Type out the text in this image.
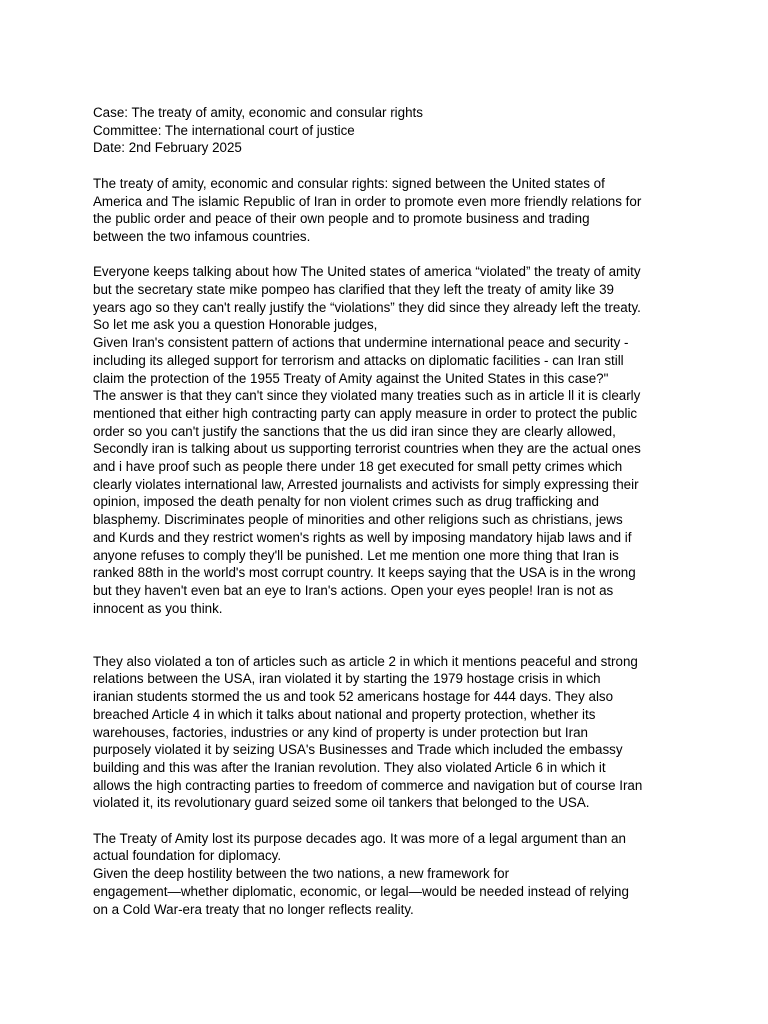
Case: The treaty of amity, economic and consular rights
Committee: The international court of justice
Date: 2nd February 2025
The treaty of amity, economic and consular rights: signed between the United states of
America and The islamic Republic of Iran in order to promote even more friendly relations for
the public order and peace of their own people and to promote business and trading
between the two infamous countries.
Everyone keeps talking about how The United states of america “violated” the treaty of amity
but the secretary state mike pompeo has clarified that they left the treaty of amity like 39
years ago so they can't really justify the “violations” they did since they already left the treaty.
So let me ask you a question Honorable judges,
Given Iran's consistent pattern of actions that undermine international peace and security -
including its alleged support for terrorism and attacks on diplomatic facilities - can Iran still
claim the protection of the 1955 Treaty of Amity against the United States in this case?"
The answer is that they can't since they violated many treaties such as in article ll it is clearly
mentioned that either high contracting party can apply measure in order to protect the public
order so you can't justify the sanctions that the us did iran since they are clearly allowed,
Secondly iran is talking about us supporting terrorist countries when they are the actual ones
and i have proof such as people there under 18 get executed for small petty crimes which
clearly violates international law, Arrested journalists and activists for simply expressing their
opinion, imposed the death penalty for non violent crimes such as drug trafficking and
blasphemy. Discriminates people of minorities and other religions such as christians, jews
and Kurds and they restrict women's rights as well by imposing mandatory hijab laws and if
anyone refuses to comply they'll be punished. Let me mention one more thing that Iran is
ranked 88th in the world's most corrupt country. It keeps saying that the USA is in the wrong
but they haven't even bat an eye to Iran's actions. Open your eyes people! Iran is not as
innocent as you think.
They also violated a ton of articles such as article 2 in which it mentions peaceful and strong
relations between the USA, iran violated it by starting the 1979 hostage crisis in which
iranian students stormed the us and took 52 americans hostage for 444 days. They also
breached Article 4 in which it talks about national and property protection, whether its
warehouses, factories, industries or any kind of property is under protection but Iran
purposely violated it by seizing USA's Businesses and Trade which included the embassy
building and this was after the Iranian revolution. They also violated Article 6 in which it
allows the high contracting parties to freedom of commerce and navigation but of course Iran
violated it, its revolutionary guard seized some oil tankers that belonged to the USA.
The Treaty of Amity lost its purpose decades ago. It was more of a legal argument than an
actual foundation for diplomacy.
Given the deep hostility between the two nations, a new framework for
engagement—whether diplomatic, economic, or legal—would be needed instead of relying
on a Cold War-era treaty that no longer reflects reality.
